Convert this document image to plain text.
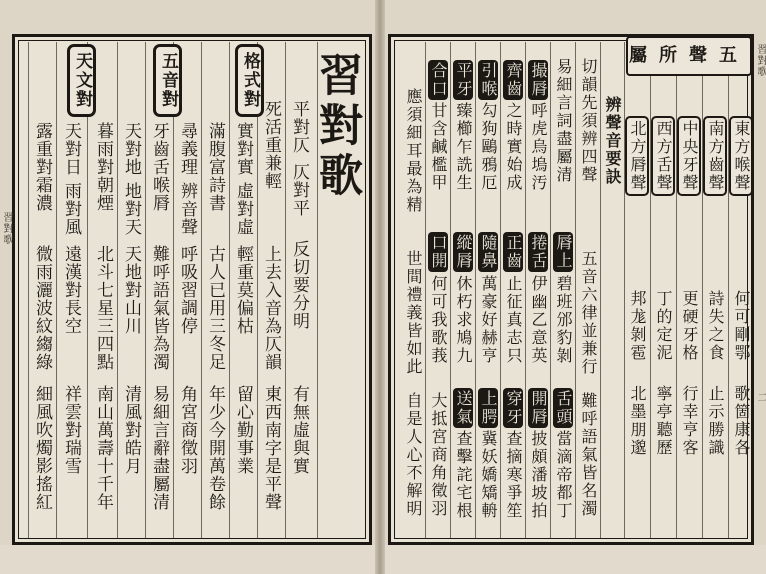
習對歌
習對歌
二
習對歌
格式對
五音對
天文對
平對仄
仄對平
反切要分明
有無虛與實
死活重兼輕
上去入音為仄韻
東西南字是平聲
實對實
虛對虛
輕重莫偏枯
留心勤事業
滿腹富詩書
古人已用三冬足
年少今開萬卷餘
尋義理
辨音聲
呼吸習調停
角宮商徵羽
牙齒舌喉脣
難呼語氣皆為濁
易細言辭盡屬清
天對地
地對天
天地對山川
清風對皓月
暮雨對朝煙
北斗七星三四點
南山萬壽十千年
天對日
雨對風
遠漢對長空
祥雲對瑞雪
露重對霜濃
微雨灑波紋縐綠
細風吹燭影搖紅
五聲所屬
東方喉聲
何可剛鄂
歌箇康各
南方齒聲
詩失之食
止示勝識
中央牙聲
更硬牙格
行幸亨客
西方舌聲
丁的定泥
寧亭聽歷
北方脣聲
邦尨剝雹
北墨朋邈
辨聲音要訣
切韻先須辨四聲
五音六律並兼行
難呼語氣皆名濁
易細言詞盡屬清
脣上
碧班邠豹剝
舌頭
當滴帝都丁
撮脣
呼虎烏塢汚
捲舌
伊幽乙意英
開脣
披頗潘坡拍
齊齒
之時實始成
正齒
止征真志只
穿牙
查摘寒爭笙
引喉
勾狗鷗鴉厄
隨鼻
萬豪好赫亨
上腭
冀妖嬌矯輈
平牙
臻櫛乍詵生
縱脣
休朽求鳩九
送氣
查擊詫宅根
合口
甘含鹹檻甲
口開
何可我歌莪
大抵宮商角徵羽
應須細耳最為精
世間禮義皆如此
自是人心不解明
